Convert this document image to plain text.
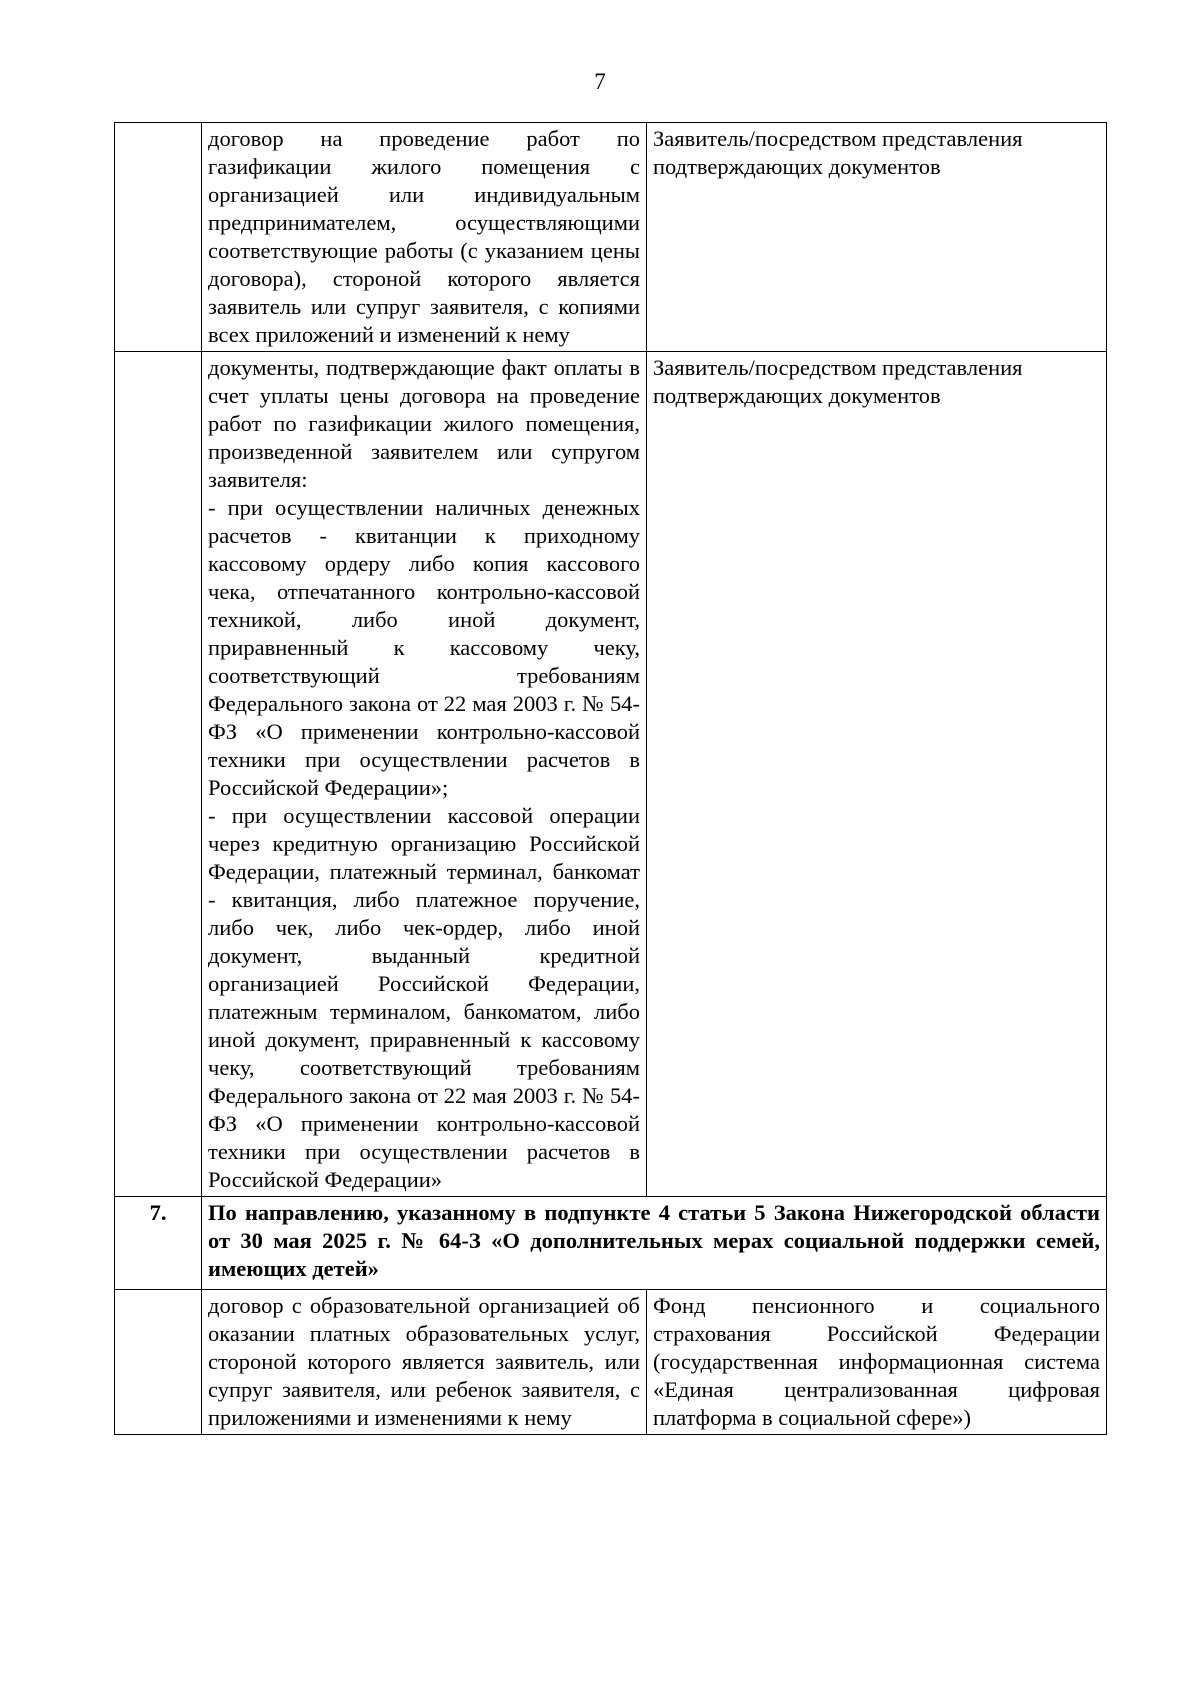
7

	договор на проведение работ по газификации жилого помещения с организацией или индивидуальным предпринимателем, осуществляющими соответствующие работы (с указанием цены договора), стороной которого является заявитель или супруг заявителя, с копиями всех приложений и изменений к нему	Заявитель/посредством представления подтверждающих документов

	документы, подтверждающие факт оплаты в счет уплаты цены договора на проведение работ по газификации жилого помещения, произведенной заявителем или супругом заявителя:

- при осуществлении наличных денежных расчетов - квитанции к приходному кассовому ордеру либо копия кассового чека, отпечатанного контрольно-кассовой техникой, либо иной документ, приравненный к кассовому чеку, соответствующий требованиям Федерального закона от 22 мая 2003 г. № 54-ФЗ «О применении контрольно-кассовой техники при осуществлении расчетов в Российской Федерации»;

- при осуществлении кассовой операции через кредитную организацию Российской Федерации, платежный терминал, банкомат - квитанция, либо платежное поручение, либо чек, либо чек-ордер, либо иной документ, выданный кредитной организацией Российской Федерации, платежным терминалом, банкоматом, либо иной документ, приравненный к кассовому чеку, соответствующий требованиям Федерального закона от 22 мая 2003 г. № 54-ФЗ «О применении контрольно-кассовой техники при осуществлении расчетов в Российской Федерации»	Заявитель/посредством представления подтверждающих документов
7.	По направлению, указанному в подпункте 4 статьи 5 Закона Нижегородской области от 30 мая 2025 г. № 64-З «О дополнительных мерах социальной поддержки семей, имеющих детей»	
	договор с образовательной организацией об оказании платных образовательных услуг, стороной которого является заявитель, или супруг заявителя, или ребенок заявителя, с приложениями и изменениями к нему	Фонд пенсионного и социального страхования Российской Федерации (государственная информационная система «Единая централизованная цифровая платформа в социальной сфере»)
